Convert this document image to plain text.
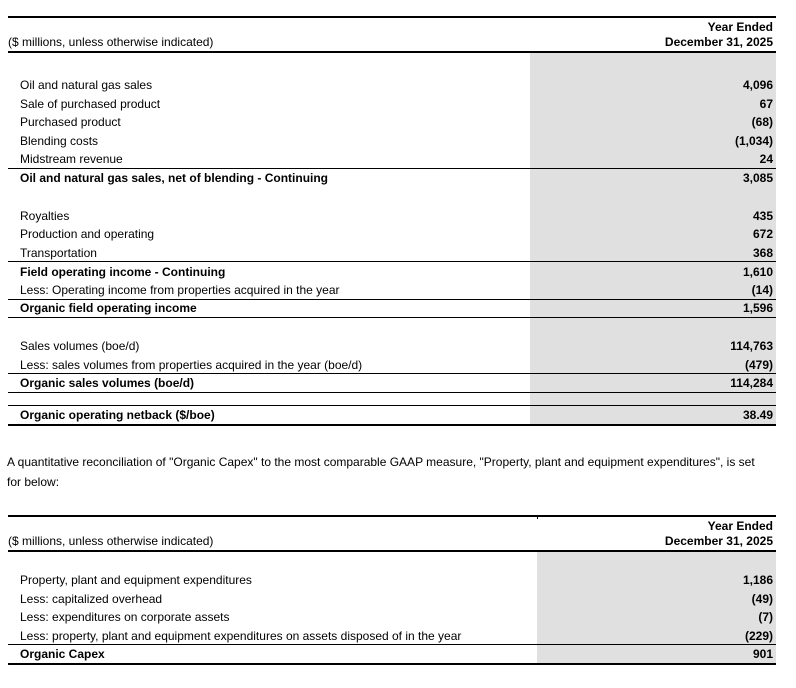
Year Ended
($ millions, unless otherwise indicated)	December 31, 2025
Oil and natural gas sales	4,096
Sale of purchased product	67
Purchased product	(68)
Blending costs	(1,034)
Midstream revenue	24
Oil and natural gas sales, net of blending - Continuing	3,085
Royalties	435
Production and operating	672
Transportation	368
Field operating income - Continuing	1,610
Less: Operating income from properties acquired in the year	(14)
Organic field operating income	1,596
Sales volumes (boe/d)	114,763
Less: sales volumes from properties acquired in the year (boe/d)	(479)
Organic sales volumes (boe/d)	114,284
Organic operating netback ($/boe)	38.49

A quantitative reconciliation of "Organic Capex" to the most comparable GAAP measure, "Property, plant and equipment expenditures", is set for below:

Year Ended
($ millions, unless otherwise indicated)	December 31, 2025
Property, plant and equipment expenditures	1,186
Less: capitalized overhead	(49)
Less: expenditures on corporate assets	(7)
Less: property, plant and equipment expenditures on assets disposed of in the year	(229)
Organic Capex	901
